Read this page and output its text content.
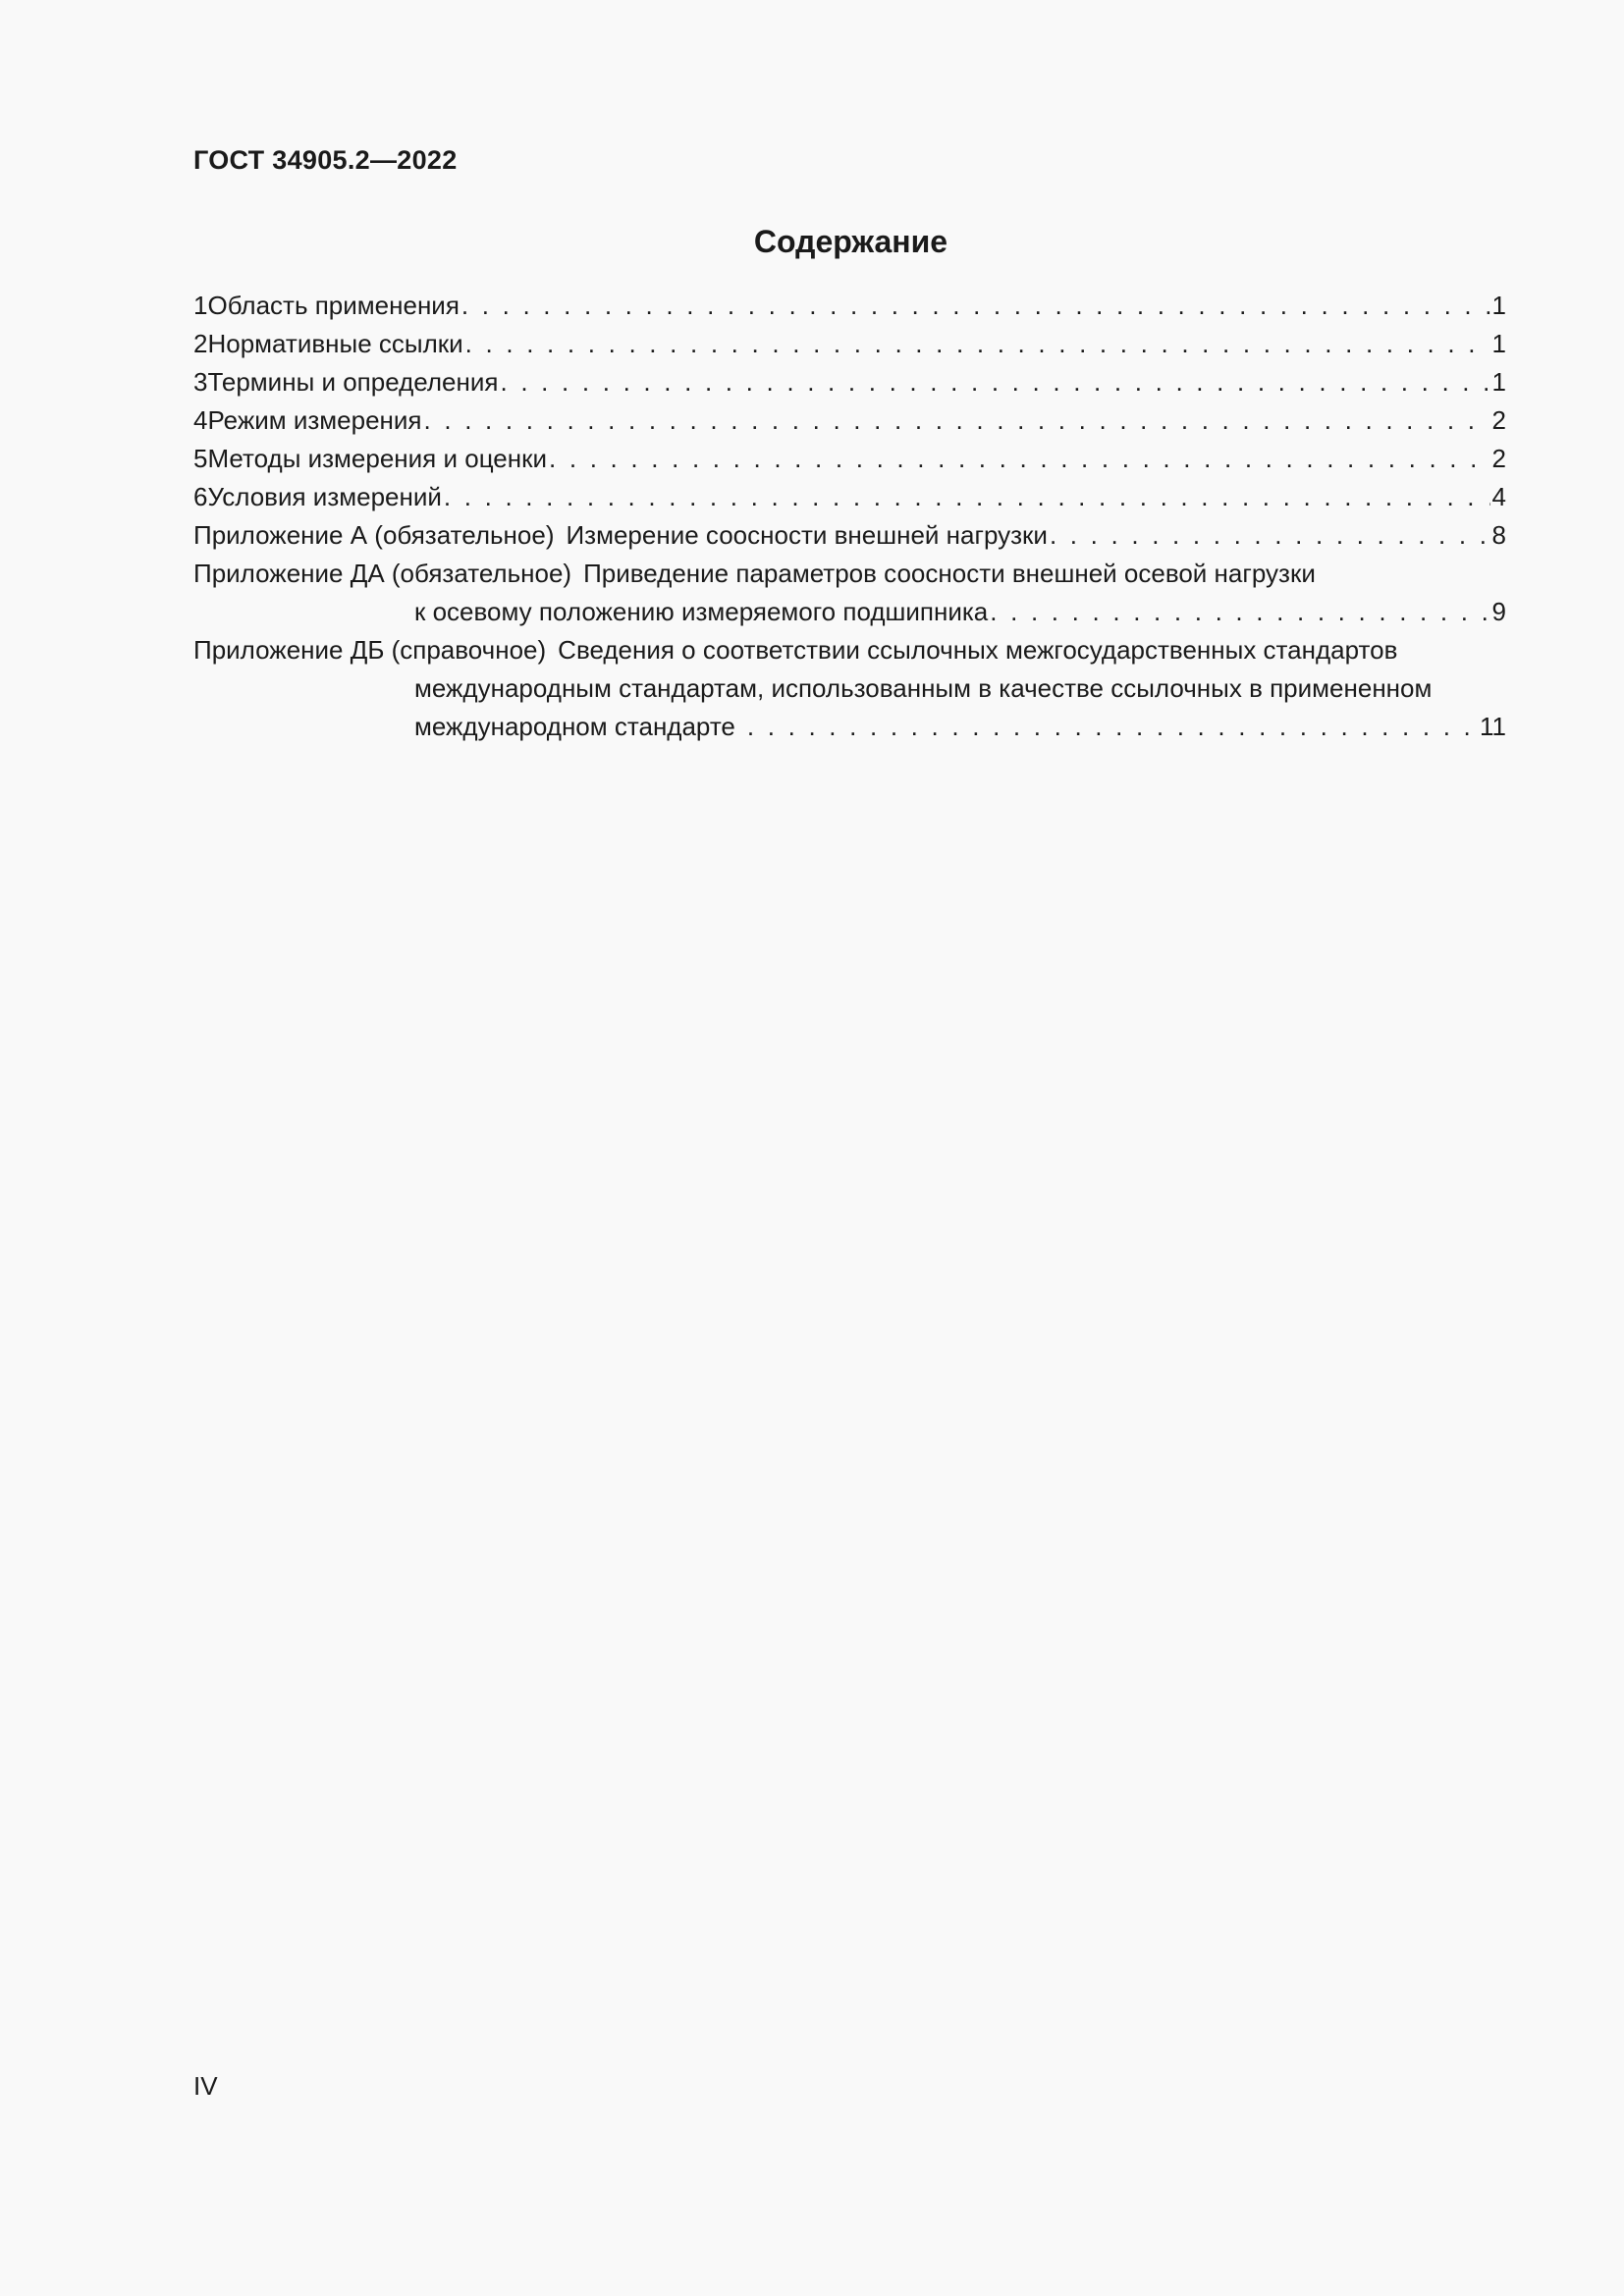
ГОСТ 34905.2—2022
Содержание
1 Область применения . . .	1
2 Нормативные ссылки . . .	1
3 Термины и определения . . .	1
4 Режим измерения . . .	2
5 Методы измерения и оценки . . .	2
6 Условия измерений . . .	4
Приложение А (обязательное) Измерение соосности внешней нагрузки . . .	8
Приложение ДА (обязательное) Приведение параметров соосности внешней осевой нагрузки
к осевому положению измеряемого подшипника . . .	9
Приложение ДБ (справочное) Сведения о соответствии ссылочных межгосударственных стандартов
международным стандартам, использованным в качестве ссылочных в примененном
международном стандарте . . .	11
IV
